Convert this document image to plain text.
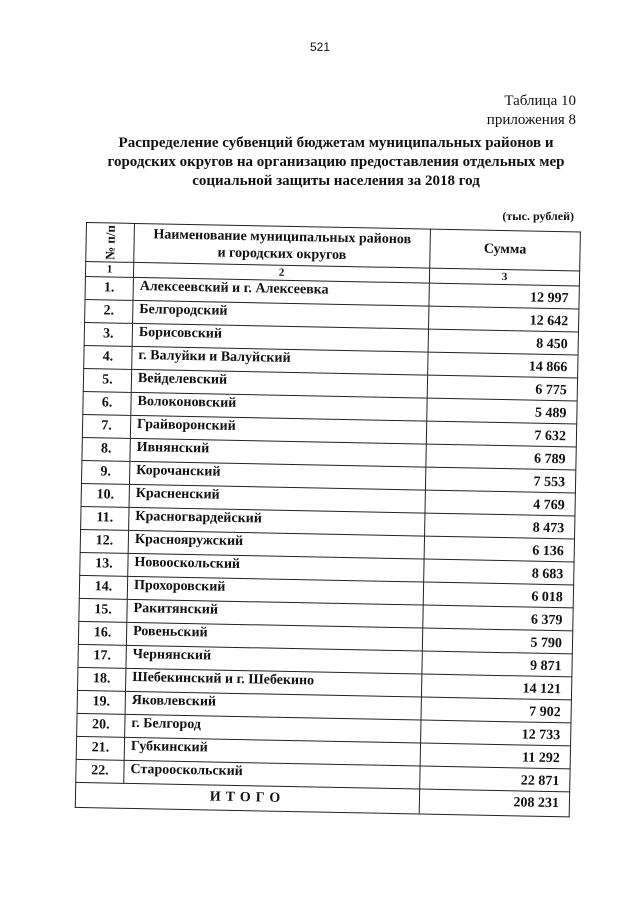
521
Таблица 10
приложения 8
Распределение субвенций бюджетам муниципальных районов и
городских округов на организацию предоставления отдельных мер
социальной защиты населения за 2018 год
(тыс. рублей)
№ п/п	Наименование муниципальных районов
и городских округов	Сумма
1	2	3
1.	Алексеевский и г. Алексеевка	12 997
2.	Белгородский	12 642
3.	Борисовский	8 450
4.	г. Валуйки и Валуйский	14 866
5.	Вейделевский	6 775
6.	Волоконовский	5 489
7.	Грайворонский	7 632
8.	Ивнянский	6 789
9.	Корочанский	7 553
10.	Красненский	4 769
11.	Красногвардейский	8 473
12.	Краснояружский	6 136
13.	Новооскольский	8 683
14.	Прохоровский	6 018
15.	Ракитянский	6 379
16.	Ровеньский	5 790
17.	Чернянский	9 871
18.	Шебекинский и г. Шебекино	14 121
19.	Яковлевский	7 902
20.	г. Белгород	12 733
21.	Губкинский	11 292
22.	Старооскольский	22 871
ИТОГО		208 231
